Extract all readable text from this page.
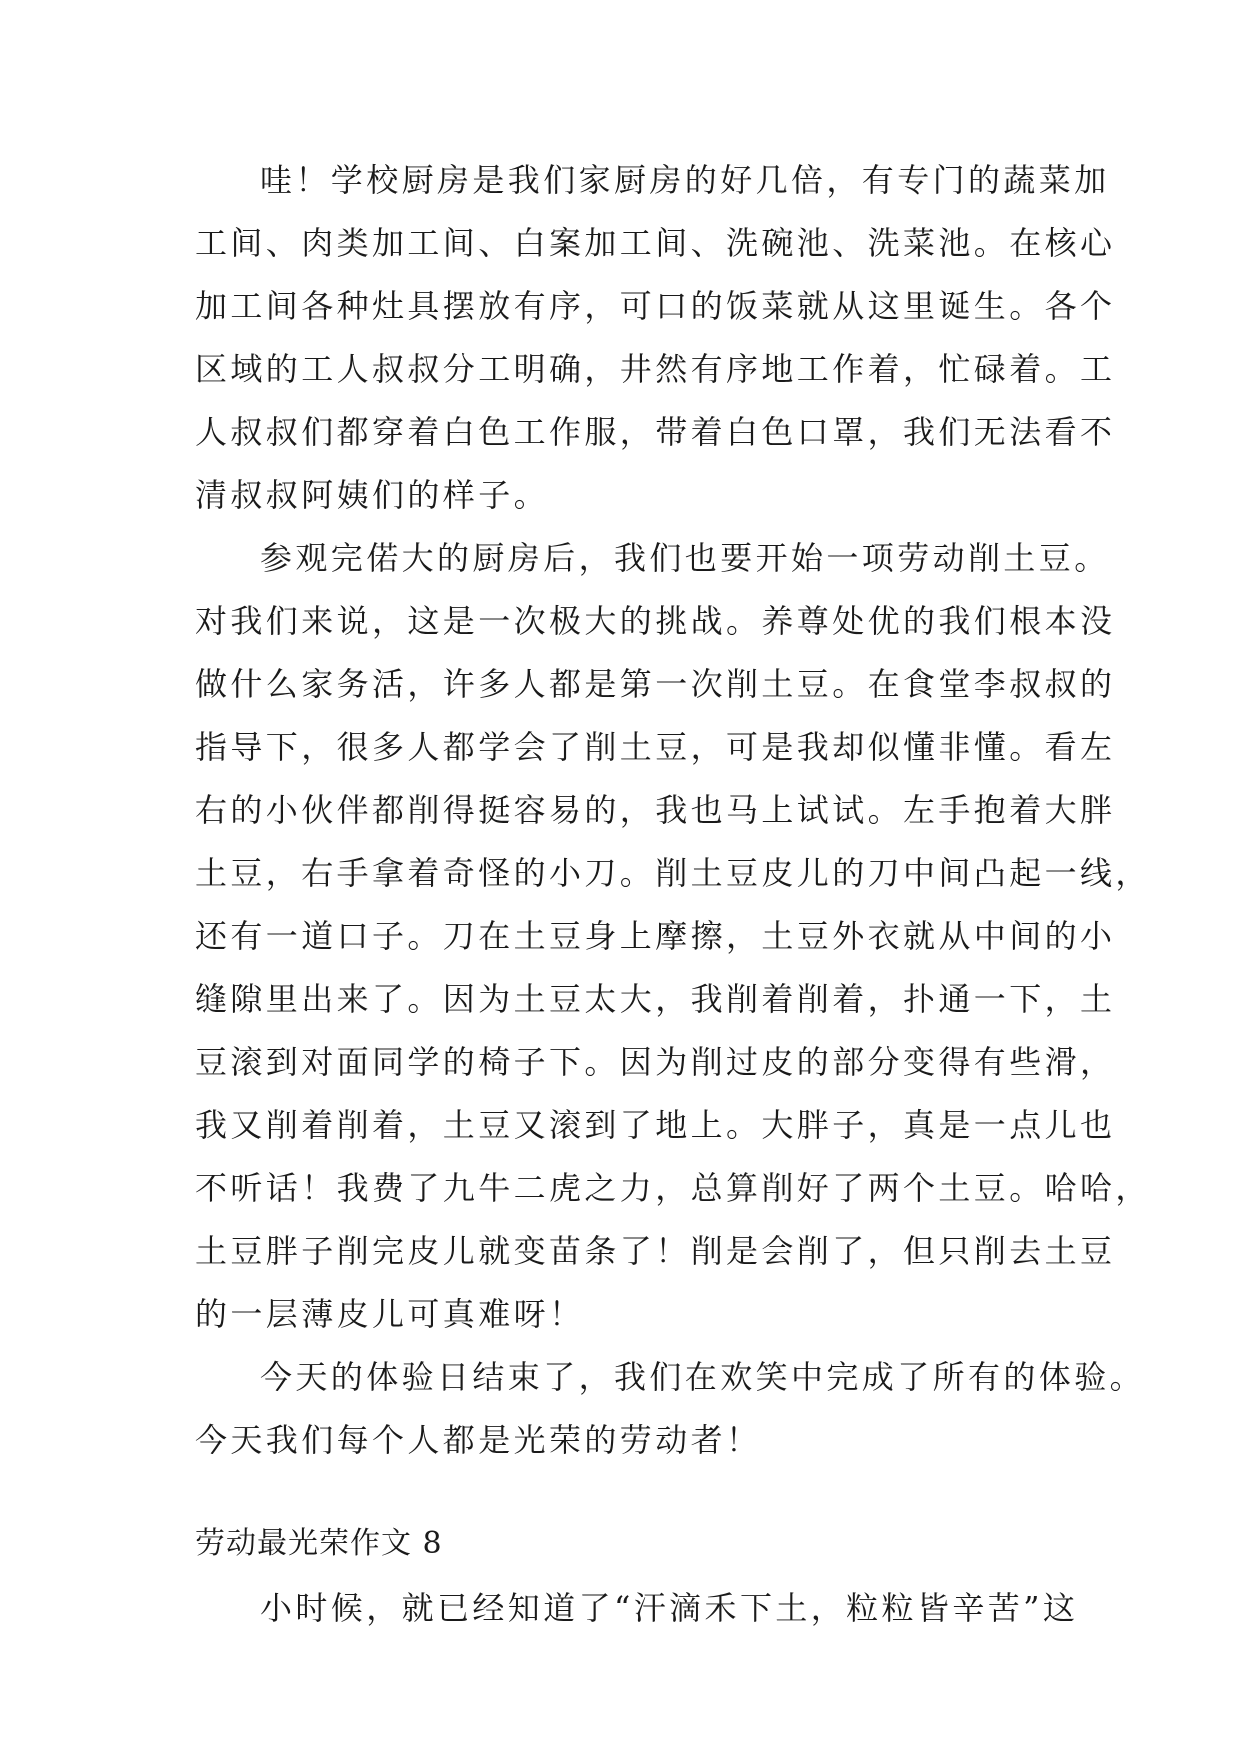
哇！学校厨房是我们家厨房的好几倍，有专门的蔬菜加
工间、肉类加工间、白案加工间、洗碗池、洗菜池。在核心
加工间各种灶具摆放有序，可口的饭菜就从这里诞生。各个
区域的工人叔叔分工明确，井然有序地工作着，忙碌着。工
人叔叔们都穿着白色工作服，带着白色口罩，我们无法看不
清叔叔阿姨们的样子。
参观完偌大的厨房后，我们也要开始一项劳动削土豆。
对我们来说，这是一次极大的挑战。养尊处优的我们根本没
做什么家务活，许多人都是第一次削土豆。在食堂李叔叔的
指导下，很多人都学会了削土豆，可是我却似懂非懂。看左
右的小伙伴都削得挺容易的，我也马上试试。左手抱着大胖
土豆，右手拿着奇怪的小刀。削土豆皮儿的刀中间凸起一线，
还有一道口子。刀在土豆身上摩擦，土豆外衣就从中间的小
缝隙里出来了。因为土豆太大，我削着削着，扑通一下，土
豆滚到对面同学的椅子下。因为削过皮的部分变得有些滑，
我又削着削着，土豆又滚到了地上。大胖子，真是一点儿也
不听话！我费了九牛二虎之力，总算削好了两个土豆。哈哈，
土豆胖子削完皮儿就变苗条了！削是会削了，但只削去土豆
的一层薄皮儿可真难呀！
今天的体验日结束了，我们在欢笑中完成了所有的体验。
今天我们每个人都是光荣的劳动者！
劳动最光荣作文 8
小时候，就已经知道了“汗滴禾下土，粒粒皆辛苦”这
